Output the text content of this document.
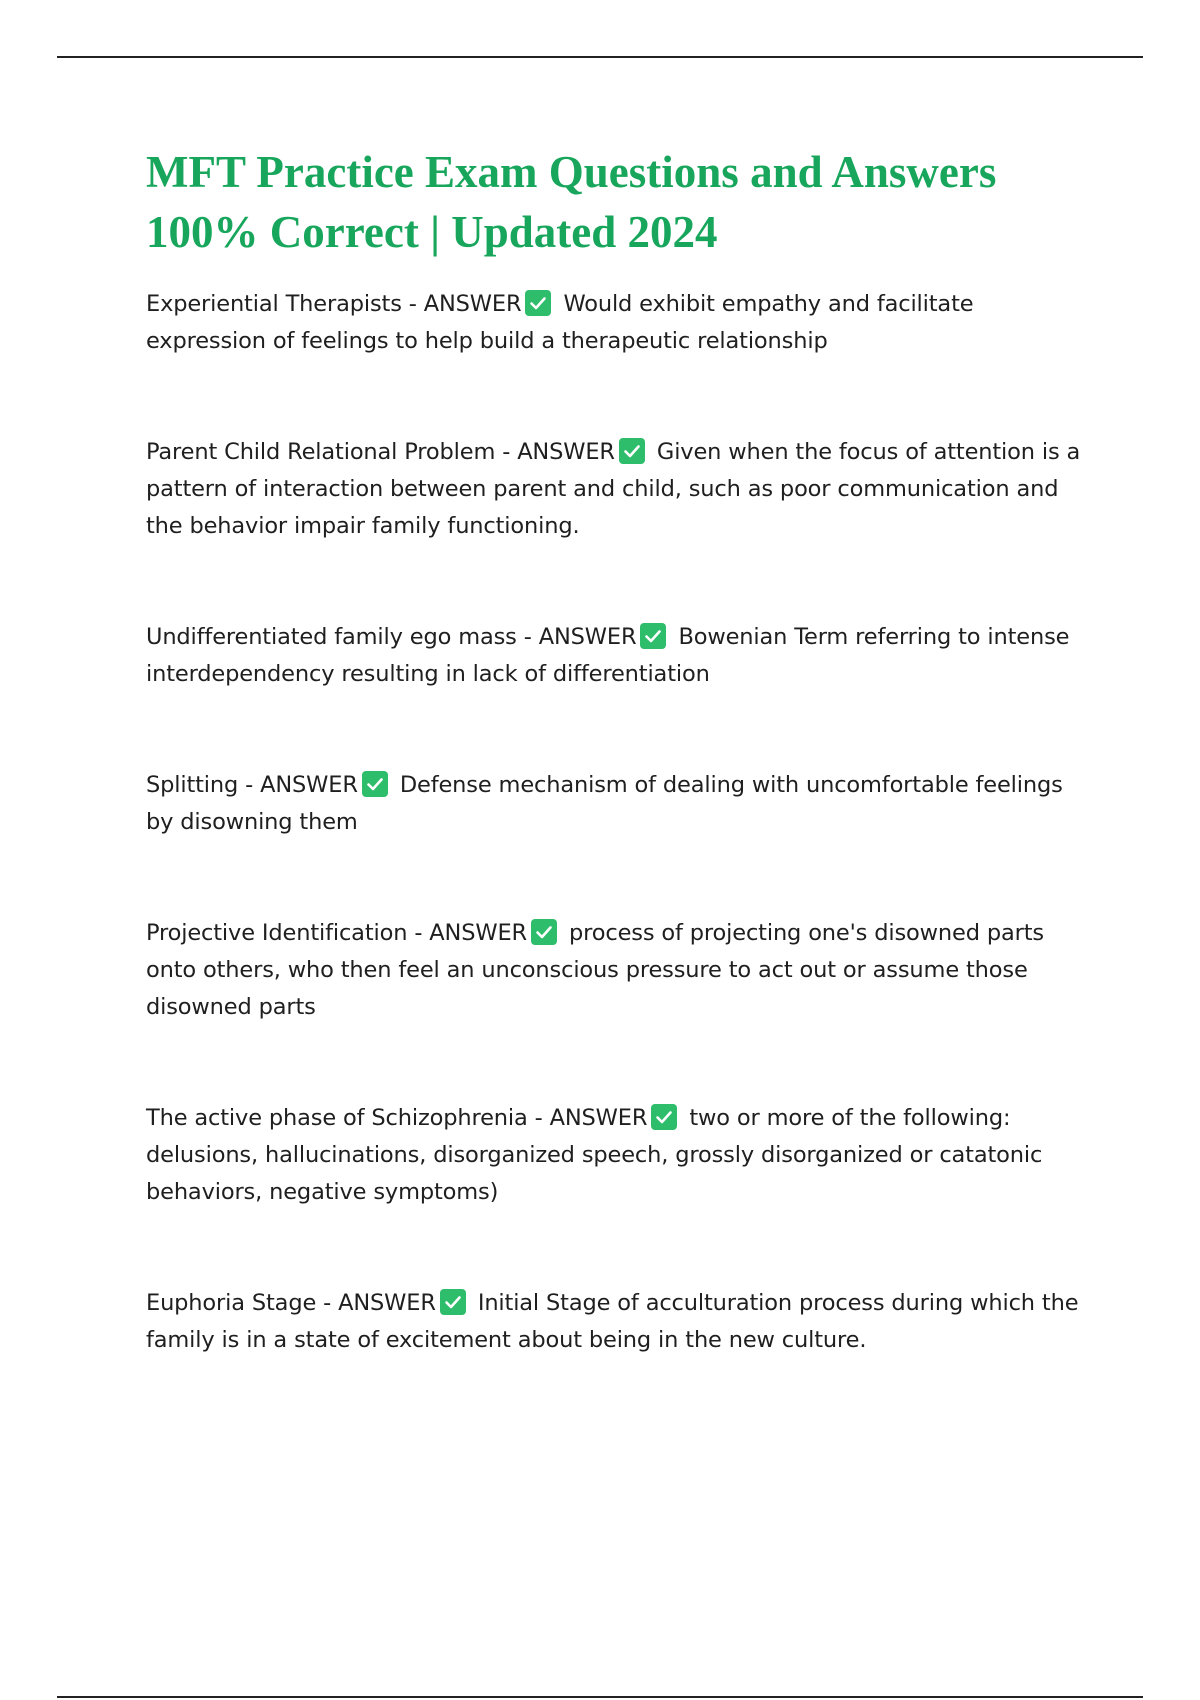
MFT Practice Exam Questions and Answers 100% Correct | Updated 2024
Experiential Therapists - ANSWER Would exhibit empathy and facilitate expression of feelings to help build a therapeutic relationship
Parent Child Relational Problem - ANSWER Given when the focus of attention is a pattern of interaction between parent and child, such as poor communication and the behavior impair family functioning.
Undifferentiated family ego mass - ANSWER Bowenian Term referring to intense interdependency resulting in lack of differentiation
Splitting - ANSWER Defense mechanism of dealing with uncomfortable feelings by disowning them
Projective Identification - ANSWER process of projecting one's disowned parts onto others, who then feel an unconscious pressure to act out or assume those disowned parts
The active phase of Schizophrenia - ANSWER two or more of the following: delusions, hallucinations, disorganized speech, grossly disorganized or catatonic behaviors, negative symptoms)
Euphoria Stage - ANSWER Initial Stage of acculturation process during which the family is in a state of excitement about being in the new culture.
